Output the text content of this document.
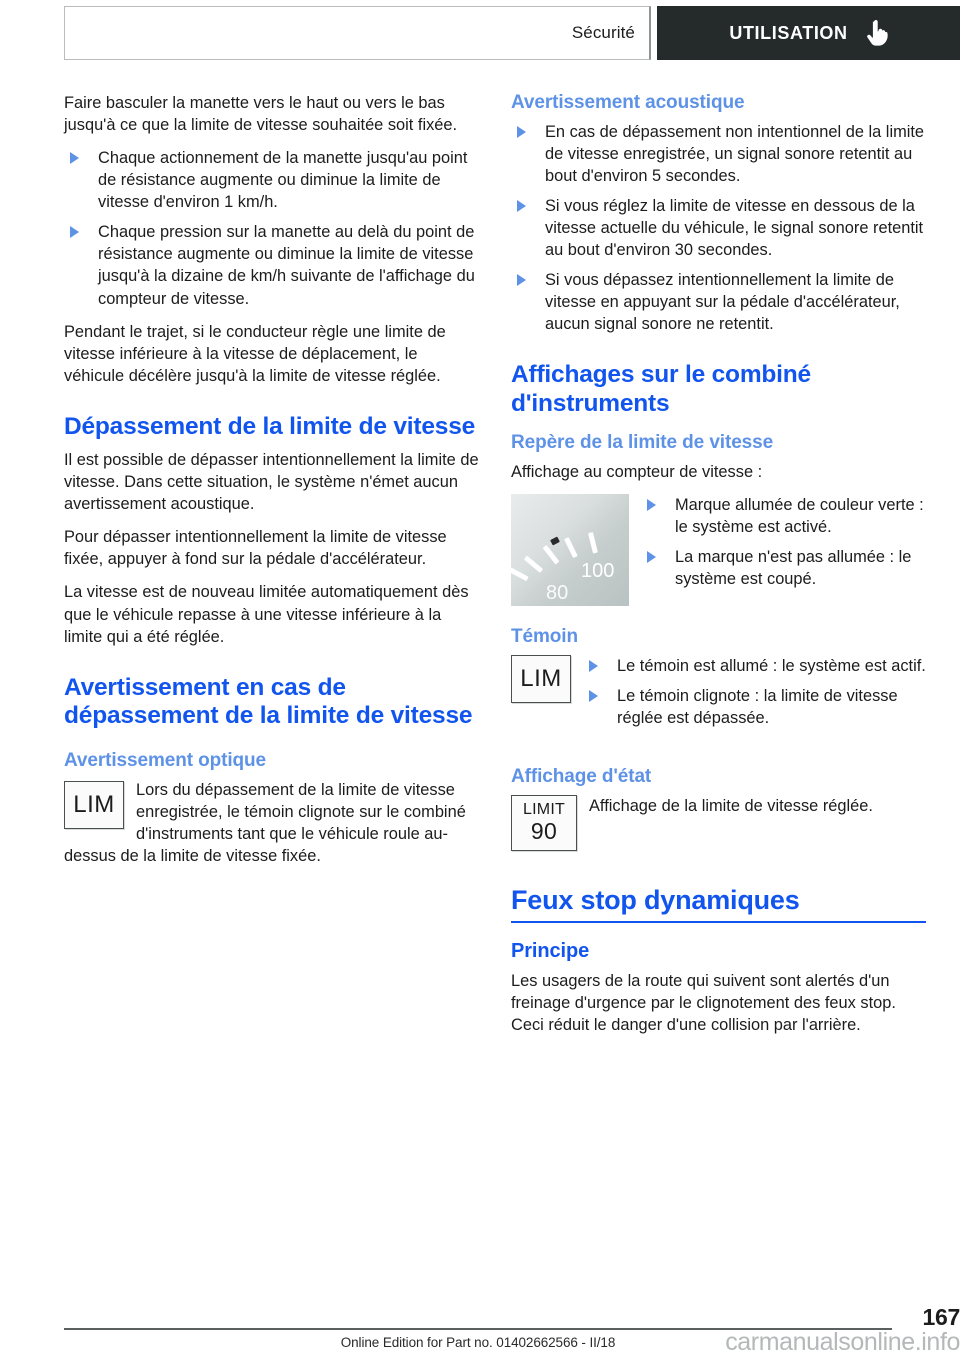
Sécurité	UTILISATION

Faire basculer la manette vers le haut ou vers le bas jusqu'à ce que la limite de vitesse souhaitée soit fixée.

Chaque actionnement de la manette jusqu'au point de résistance augmente ou diminue la limite de vitesse d'environ 1 km/h.
Chaque pression sur la manette au delà du point de résistance augmente ou diminue la limite de vitesse jusqu'à la dizaine de km/h suivante de l'affichage du compteur de vitesse.

Pendant le trajet, si le conducteur règle une limite de vitesse inférieure à la vitesse de déplacement, le véhicule décélère jusqu'à la limite de vitesse réglée.

Dépassement de la limite de vitesse

Il est possible de dépasser intentionnellement la limite de vitesse. Dans cette situation, le système n'émet aucun avertissement acoustique.

Pour dépasser intentionnellement la limite de vitesse fixée, appuyer à fond sur la pédale d'accélérateur.

La vitesse est de nouveau limitée automatiquement dès que le véhicule repasse à une vitesse inférieure à la limite qui a été réglée.

Avertissement en cas de dépassement de la limite de vitesse
Avertissement optique
LIM

Lors du dépassement de la limite de vitesse enregistrée, le témoin clignote sur le combiné d'instruments tant que le véhicule roule au-dessus de la limite de vitesse fixée.

Avertissement acoustique
En cas de dépassement non intentionnel de la limite de vitesse enregistrée, un signal sonore retentit au bout d'environ 5 secondes.
Si vous réglez la limite de vitesse en dessous de la vitesse actuelle du véhicule, le signal sonore retentit au bout d'environ 30 secondes.
Si vous dépassez intentionnellement la limite de vitesse en appuyant sur la pédale d'accélérateur, aucun signal sonore ne retentit.
Affichages sur le combiné d'instruments
Repère de la limite de vitesse

Affichage au compteur de vitesse :

100
80
Marque allumée de couleur verte : le système est activé.
La marque n'est pas allumée : le système est coupé.
Témoin
LIM	Le témoin est allumé : le système est actif.
Le témoin clignote : la limite de vitesse réglée est dépassée.
Affichage d'état
LIMIT
90

Affichage de la limite de vitesse réglée.

Feux stop dynamiques
Principe

Les usagers de la route qui suivent sont alertés d'un freinage d'urgence par le clignotement des feux stop. Ceci réduit le danger d'une collision par l'arrière.

167
Online Edition for Part no. 01402662566 - II/18	carmanualsonline.info
